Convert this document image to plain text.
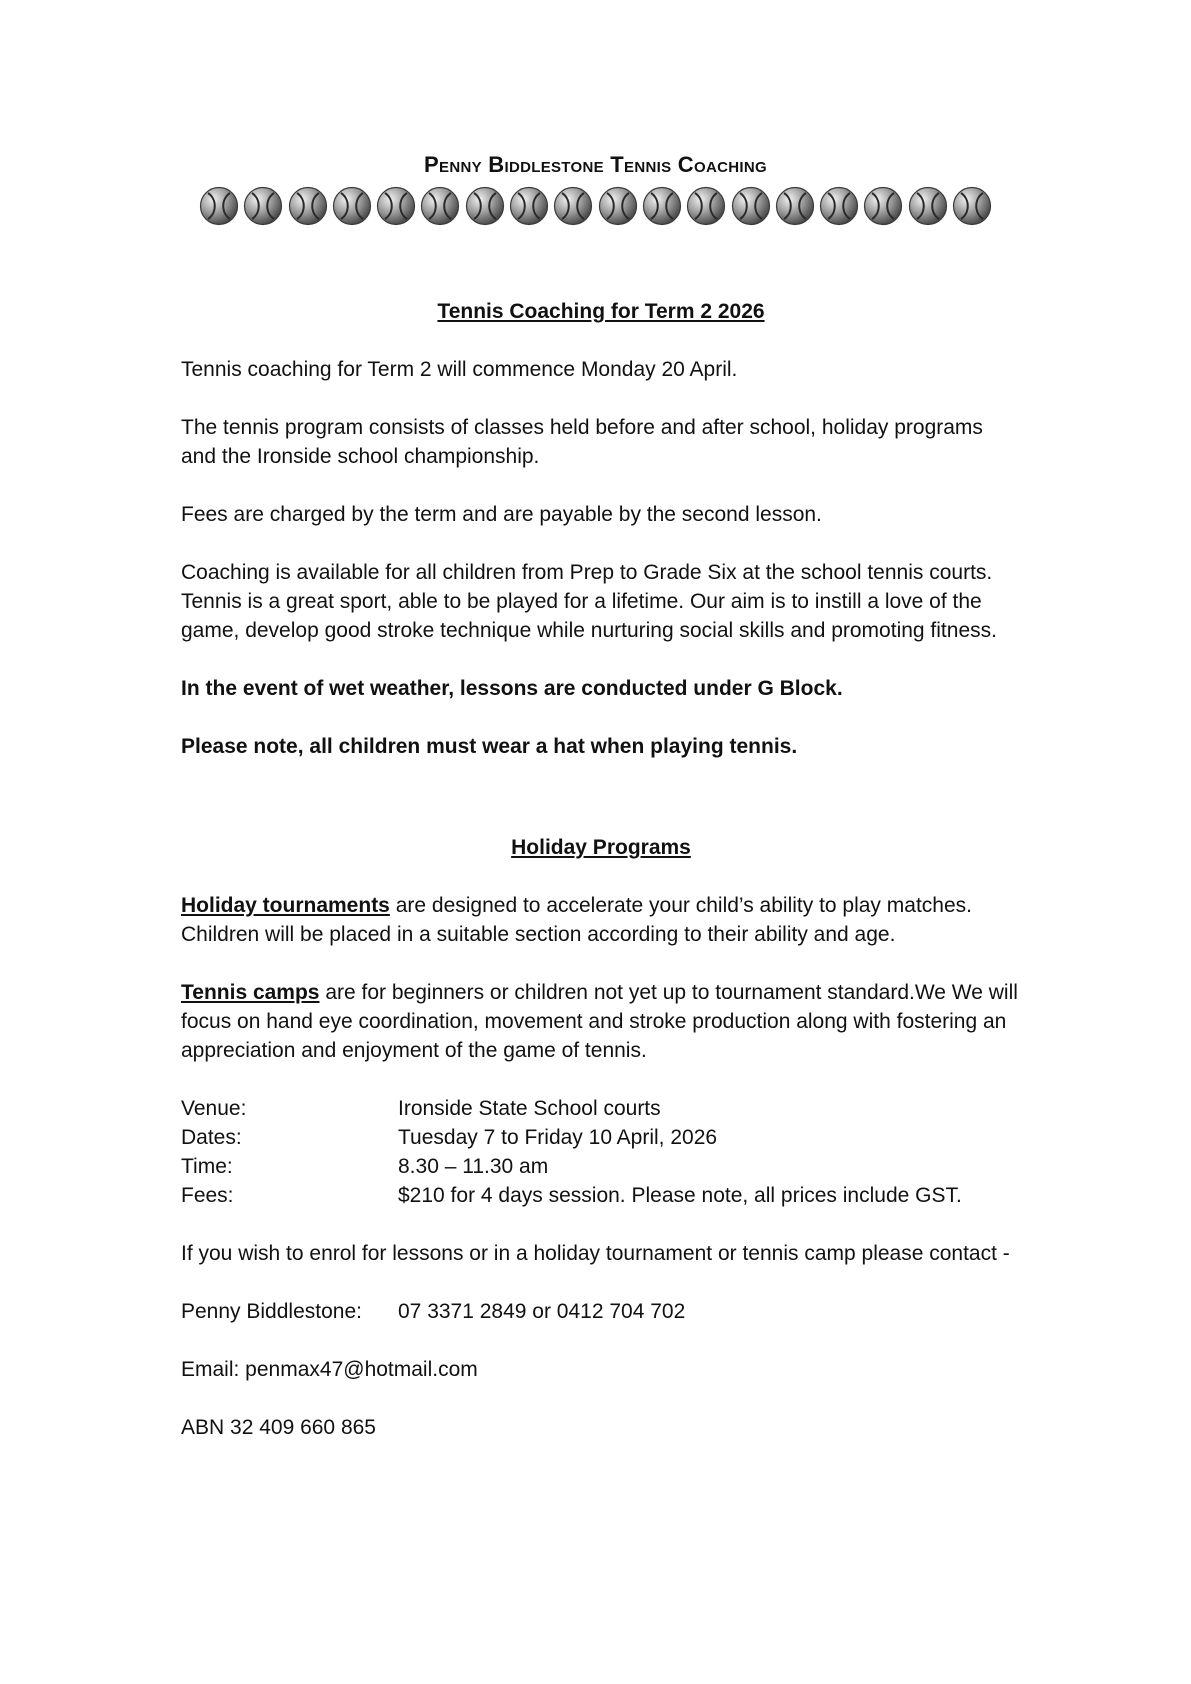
Penny Biddlestone Tennis Coaching
Tennis Coaching for Term 2 2026

Tennis coaching for Term 2 will commence Monday 20 April.

The tennis program consists of classes held before and after school, holiday programs and the Ironside school championship.

Fees are charged by the term and are payable by the second lesson.

Coaching is available for all children from Prep to Grade Six at the school tennis courts. Tennis is a great sport, able to be played for a lifetime. Our aim is to instill a love of the game, develop good stroke technique while nurturing social skills and promoting fitness.

In the event of wet weather, lessons are conducted under G Block.

Please note, all children must wear a hat when playing tennis.

Holiday Programs

Holiday tournaments are designed to accelerate your child’s ability to play matches. Children will be placed in a suitable section according to their ability and age.

Tennis camps are for beginners or children not yet up to tournament standard.We We will focus on hand eye coordination, movement and stroke production along with fostering an appreciation and enjoyment of the game of tennis.

Venue:	Ironside State School courts
Dates:	Tuesday 7 to Friday 10 April, 2026
Time:	8.30 – 11.30 am
Fees:	$210 for 4 days session. Please note, all prices include GST.

If you wish to enrol for lessons or in a holiday tournament or tennis camp please contact -

Penny Biddlestone:	07 3371 2849 or 0412 704 702

Email: penmax47@hotmail.com

ABN 32 409 660 865
